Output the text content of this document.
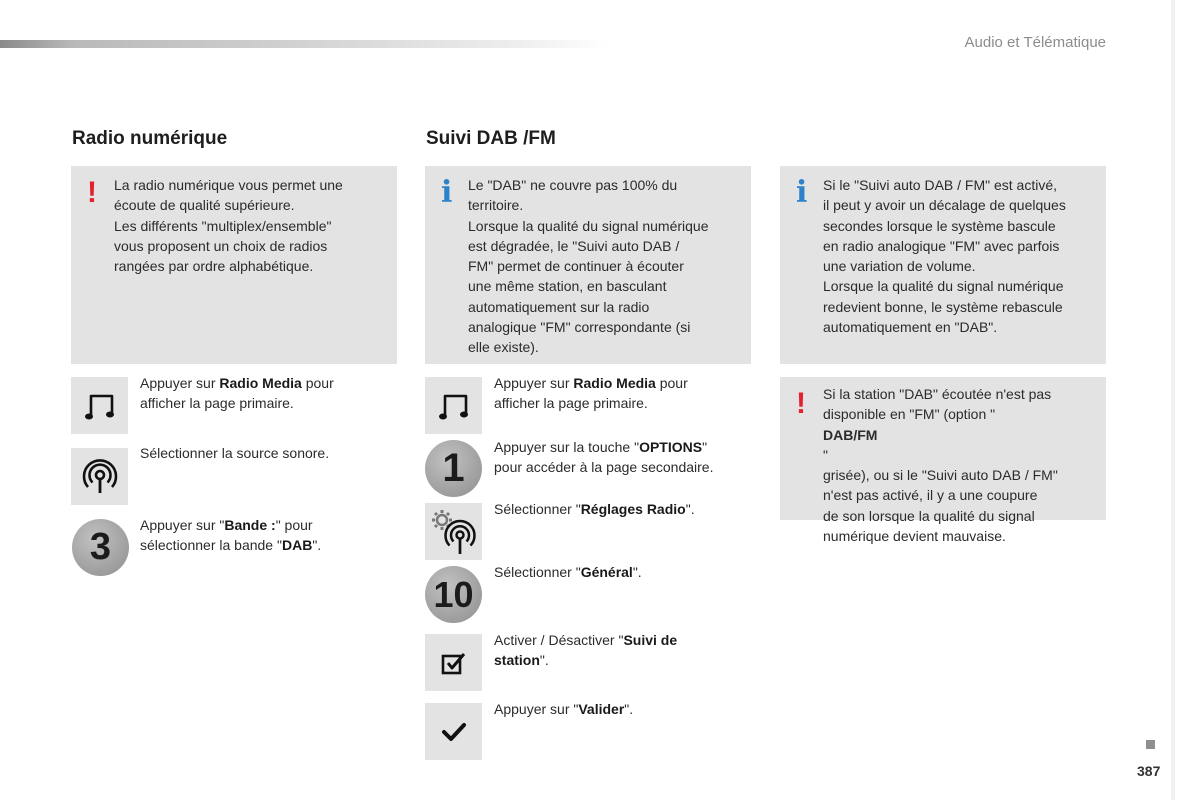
Audio et Télématique
Radio numérique
! La radio numérique vous permet une
écoute de qualité supérieure.
Les différents "multiplex/ensemble"
vous proposent un choix de radios
rangées par ordre alphabétique.

Appuyer sur Radio Media pour
afficher la page primaire.
Sélectionner la source sonore.
3
Appuyer sur "Bande :" pour
sélectionner la bande "DAB".
Suivi DAB /FM
i Le "DAB" ne couvre pas 100% du
territoire.
Lorsque la qualité du signal numérique
est dégradée, le "Suivi auto DAB /
FM" permet de continuer à écouter
une même station, en basculant
automatiquement sur la radio
analogique "FM" correspondante (si
elle existe).

Appuyer sur Radio Media pour
afficher la page primaire.
1	Appuyer sur la touche "OPTIONS"
pour accéder à la page secondaire.
Sélectionner "Réglages Radio".
10
Sélectionner "Général".
Activer / Désactiver "Suivi de
station".
Appuyer sur "Valider".
i Si le "Suivi auto DAB / FM" est activé,
il peut y avoir un décalage de quelques
secondes lorsque le système bascule
en radio analogique "FM" avec parfois
une variation de volume.
Lorsque la qualité du signal numérique
redevient bonne, le système rebascule
automatiquement en "DAB".

! Si la station "DAB" écoutée n'est pas
disponible en "FM" (option "
DAB/FM
"
grisée), ou si le "Suivi auto DAB / FM"
n'est pas activé, il y a une coupure
de son lorsque la qualité du signal
numérique devient mauvaise.

387
